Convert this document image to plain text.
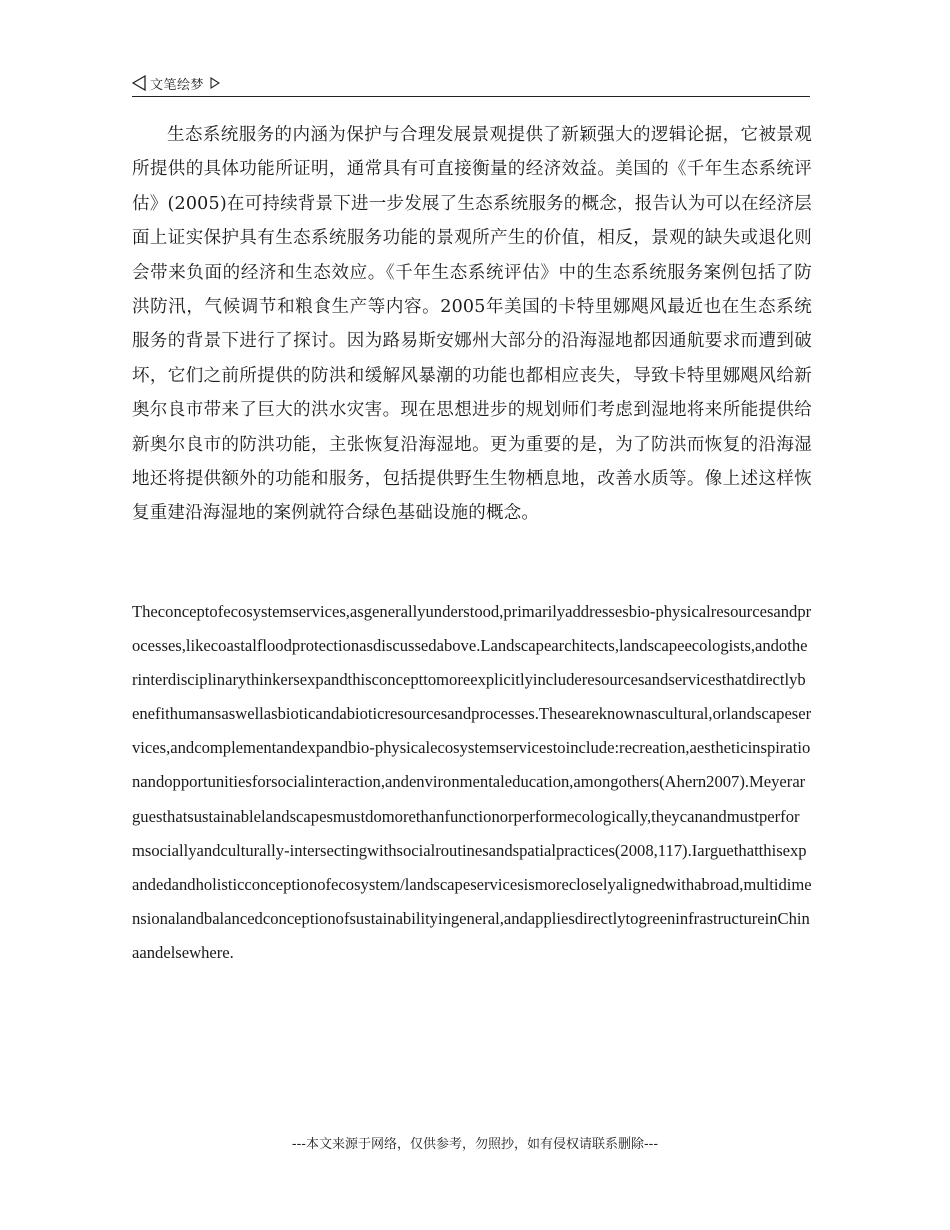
文笔绘梦

生态系统服务的内涵为保护与合理发展景观提供了新颖强大的逻辑论据，它被景观所提供的具体功能所证明，通常具有可直接衡量的经济效益。美国的《千年生态系统评估》(2005)在可持续背景下进一步发展了生态系统服务的概念，报告认为可以在经济层面上证实保护具有生态系统服务功能的景观所产生的价值，相反，景观的缺失或退化则会带来负面的经济和生态效应。《千年生态系统评估》中的生态系统服务案例包括了防洪防汛，气候调节和粮食生产等内容。2005年美国的卡特里娜飓风最近也在生态系统服务的背景下进行了探讨。因为路易斯安娜州大部分的沿海湿地都因通航要求而遭到破坏，它们之前所提供的防洪和缓解风暴潮的功能也都相应丧失，导致卡特里娜飓风给新奥尔良市带来了巨大的洪水灾害。现在思想进步的规划师们考虑到湿地将来所能提供给新奥尔良市的防洪功能，主张恢复沿海湿地。更为重要的是，为了防洪而恢复的沿海湿地还将提供额外的功能和服务，包括提供野生生物栖息地，改善水质等。像上述这样恢复重建沿海湿地的案例就符合绿色基础设施的概念。

Theconceptofecosystemservices,asgenerallyunderstood,primarilyaddressesbio-physicalresourcesandprocesses,likecoastalfloodprotectionasdiscussedabove.Landscapearchitects,landscapeecologists,andotherinterdisciplinarythinkersexpandthisconcepttomoreexplicitlyincluderesourcesandservicesthatdirectlybenefithumansaswellasbioticandabioticresourcesandprocesses.Theseareknownascultural,orlandscapeservices,andcomplementandexpandbio-physicalecosystemservicestoinclude:recreation,aestheticinspirationandopportunitiesforsocialinteraction,andenvironmentaleducation,amongothers(Ahern2007).Meyerarguesthatsustainablelandscapesmustdomorethanfunctionorperformecologically,theycanandmustperformsociallyandculturally-intersectingwithsocialroutinesandspatialpractices(2008,117).Iarguethatthisexpandedandholisticconceptionofecosystem/landscapeservicesismorecloselyalignedwithabroad,multidimensionalandbalancedconceptionofsustainabilityingeneral,andappliesdirectlytogreeninfrastructureinChinaandelsewhere.

---本文来源于网络，仅供参考，勿照抄，如有侵权请联系删除---
